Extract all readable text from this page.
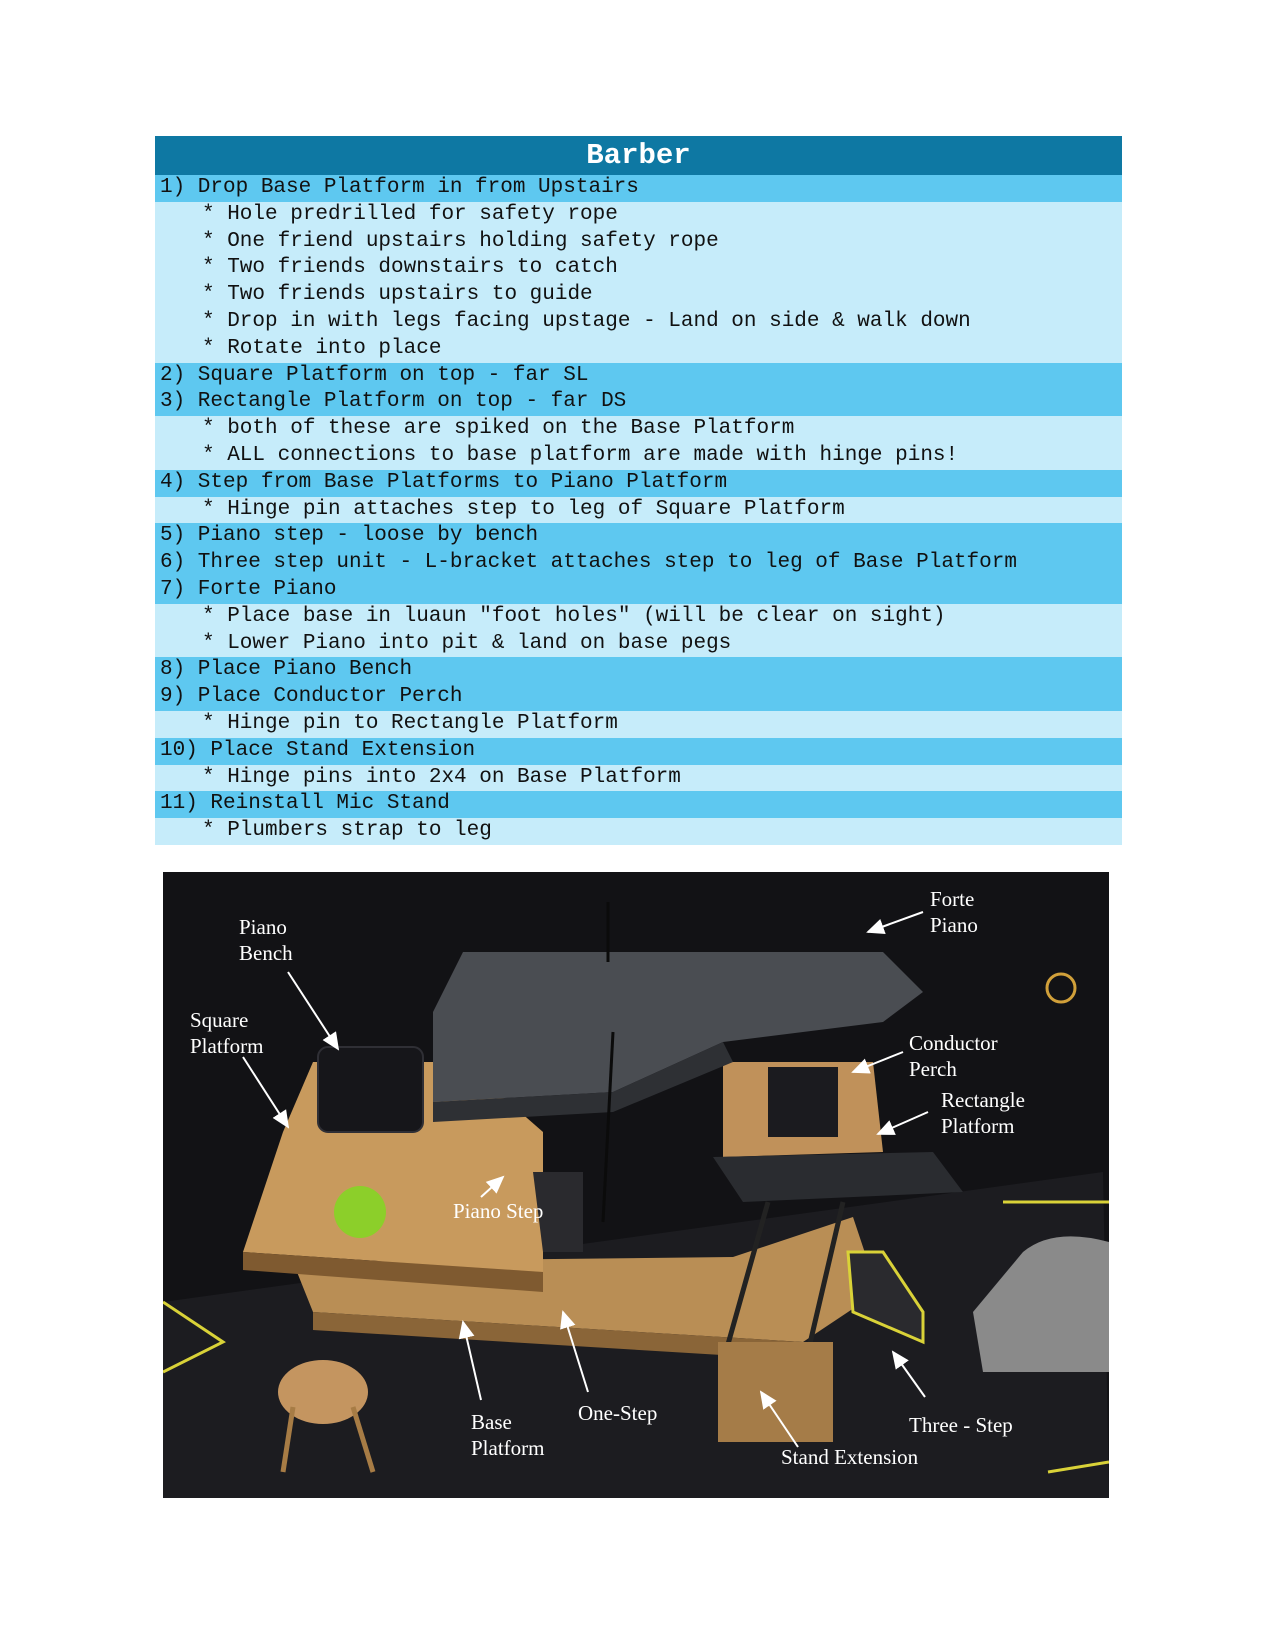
Barber
1) Drop Base Platform in from Upstairs
* Hole predrilled for safety rope
* One friend upstairs holding safety rope
* Two friends downstairs to catch
* Two friends upstairs to guide
* Drop in with legs facing upstage - Land on side & walk down
* Rotate into place
2) Square Platform on top - far SL
3) Rectangle Platform on top - far DS
* both of these are spiked on the Base Platform
* ALL connections to base platform are made with hinge pins!
4) Step from Base Platforms to Piano Platform
* Hinge pin attaches step to leg of Square Platform
5) Piano step - loose by bench
6) Three step unit - L-bracket attaches step to leg of Base Platform
7) Forte Piano
* Place base in luaun "foot holes" (will be clear on sight)
* Lower Piano into pit & land on base pegs
8) Place Piano Bench
9) Place Conductor Perch
* Hinge pin to Rectangle Platform
10) Place Stand Extension
* Hinge pins into 2x4 on Base Platform
11) Reinstall Mic Stand
* Plumbers strap to leg
Forte
Piano
Piano
Bench
Square
Platform	Conductor
Perch
Rectangle
Platform
Piano Step
Base
Platform
One-Step	Three - Step
Stand Extension
